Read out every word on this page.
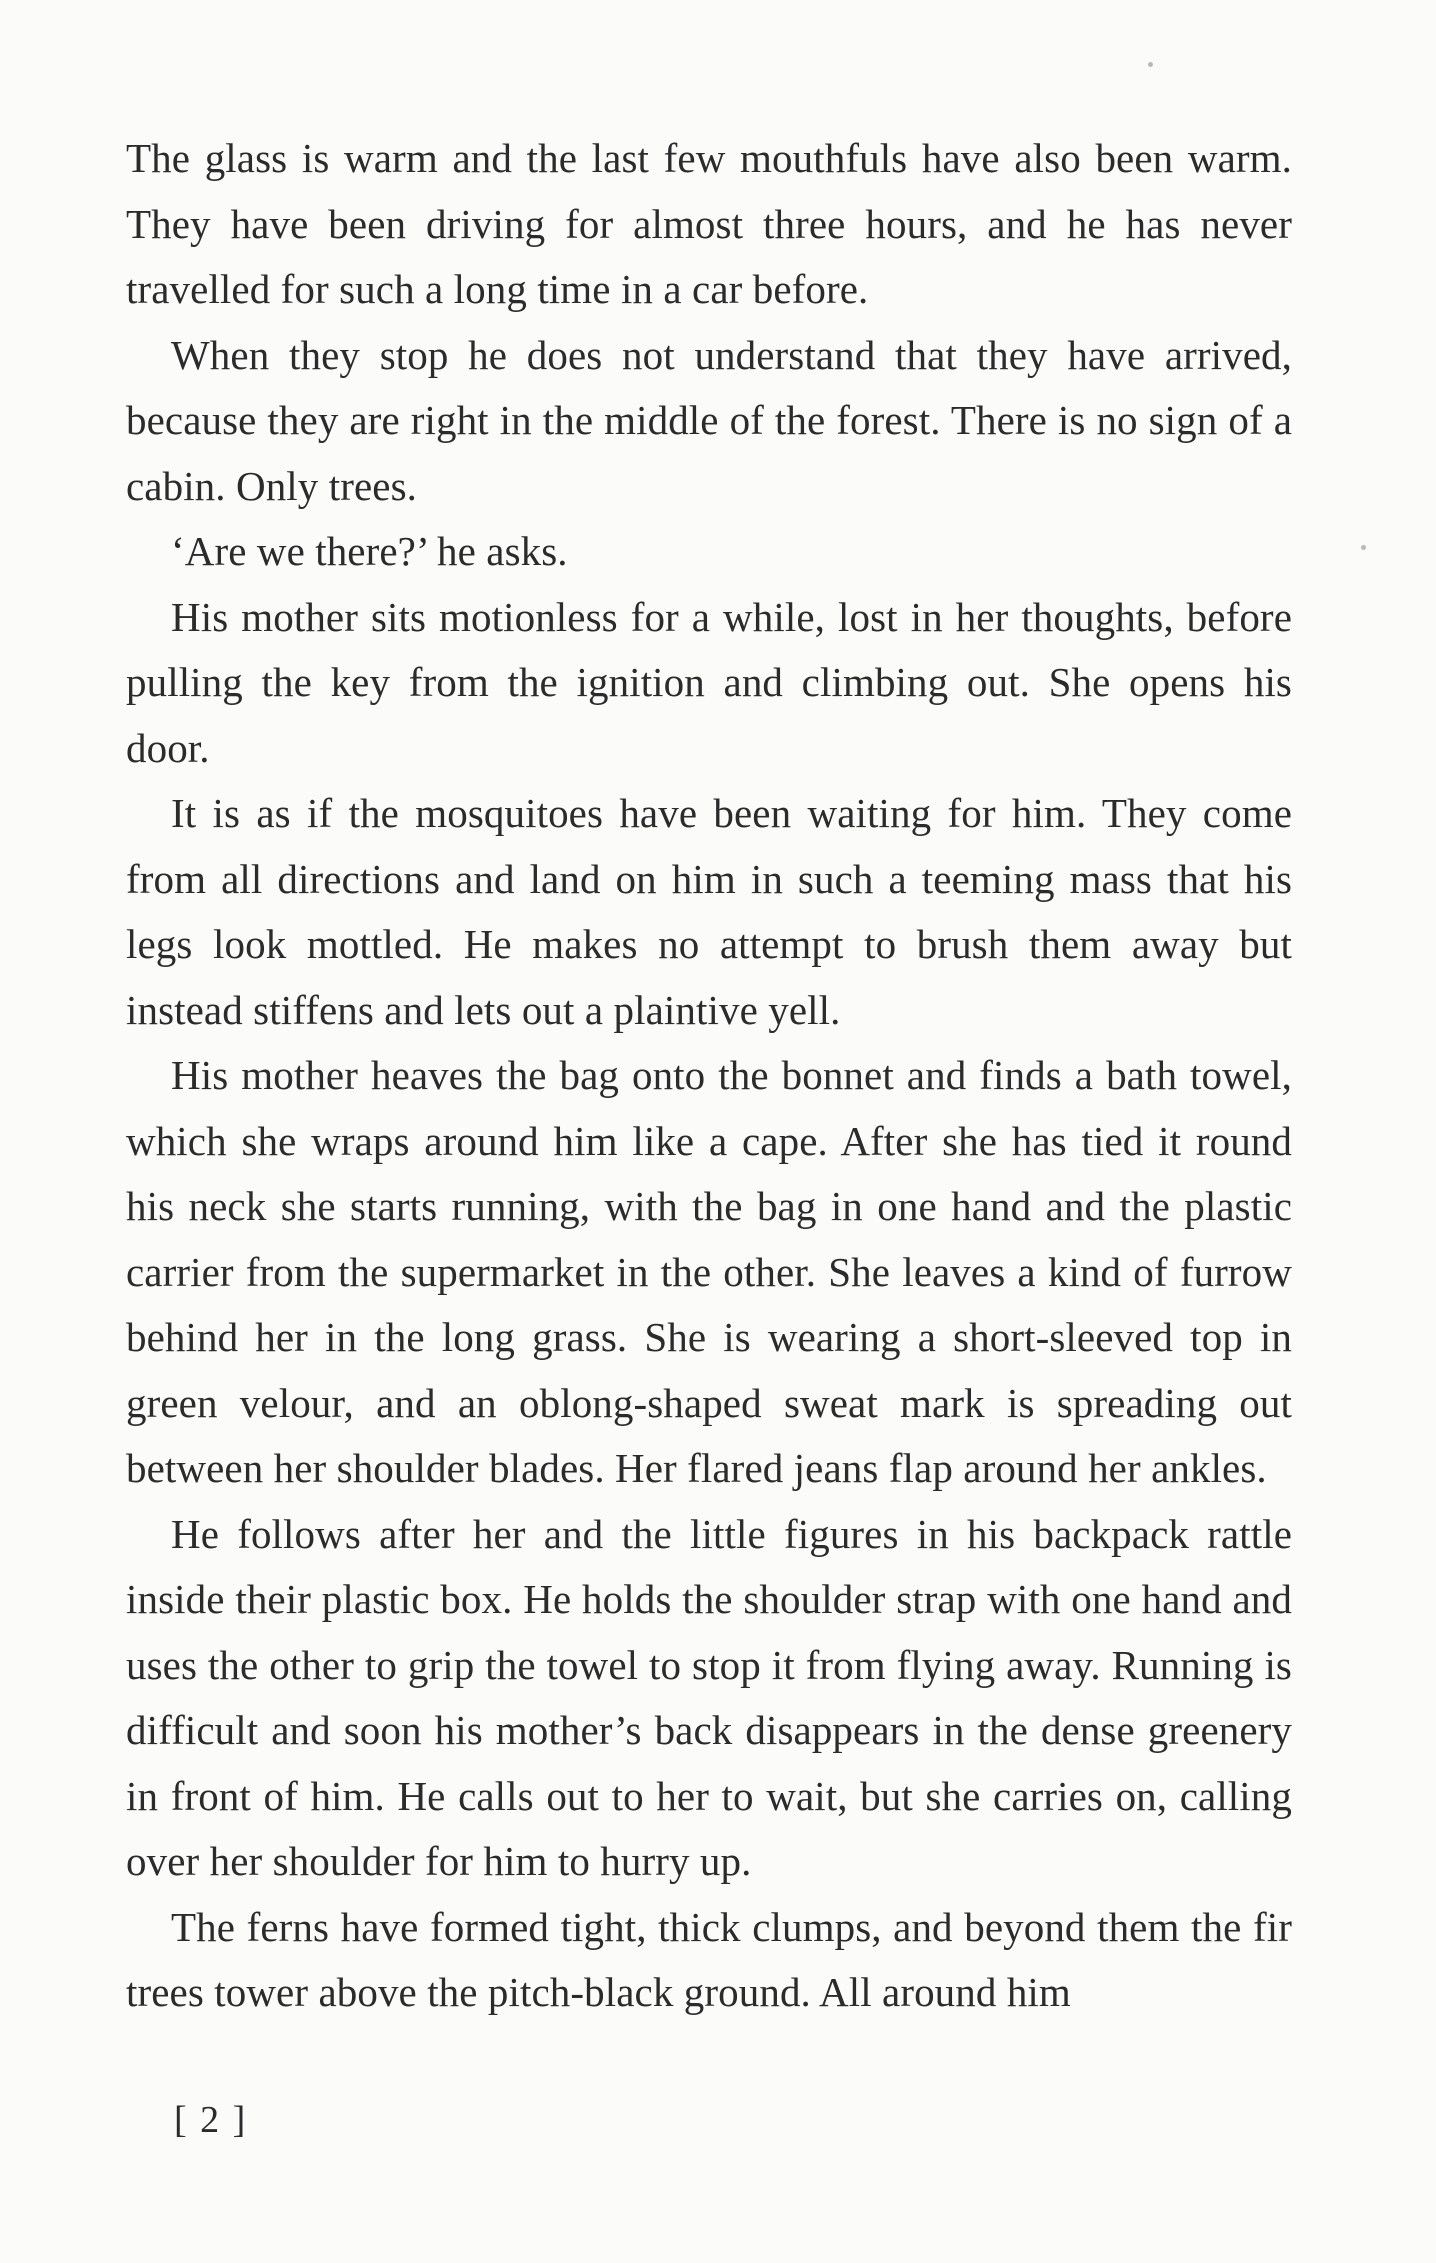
The glass is warm and the last few mouthfuls have also been warm. They have been driving for almost three hours, and he has never travelled for such a long time in a car before.

When they stop he does not understand that they have arrived, because they are right in the middle of the forest. There is no sign of a cabin. Only trees.

‘Are we there?’ he asks.

His mother sits motionless for a while, lost in her thoughts, before pulling the key from the ignition and climbing out. She opens his door.

It is as if the mosquitoes have been waiting for him. They come from all directions and land on him in such a teeming mass that his legs look mottled. He makes no attempt to brush them away but instead stiffens and lets out a plaintive yell.

His mother heaves the bag onto the bonnet and finds a bath towel, which she wraps around him like a cape. After she has tied it round his neck she starts running, with the bag in one hand and the plastic carrier from the supermarket in the other. She leaves a kind of furrow behind her in the long grass. She is wearing a short-sleeved top in green velour, and an oblong-shaped sweat mark is spreading out between her shoulder blades. Her flared jeans flap around her ankles.

He follows after her and the little figures in his backpack rattle inside their plastic box. He holds the shoulder strap with one hand and uses the other to grip the towel to stop it from flying away. Running is difficult and soon his mother’s back disappears in the dense greenery in front of him. He calls out to her to wait, but she carries on, calling over her shoulder for him to hurry up.

The ferns have formed tight, thick clumps, and beyond them the fir trees tower above the pitch-black ground. All around him

[ 2 ]
